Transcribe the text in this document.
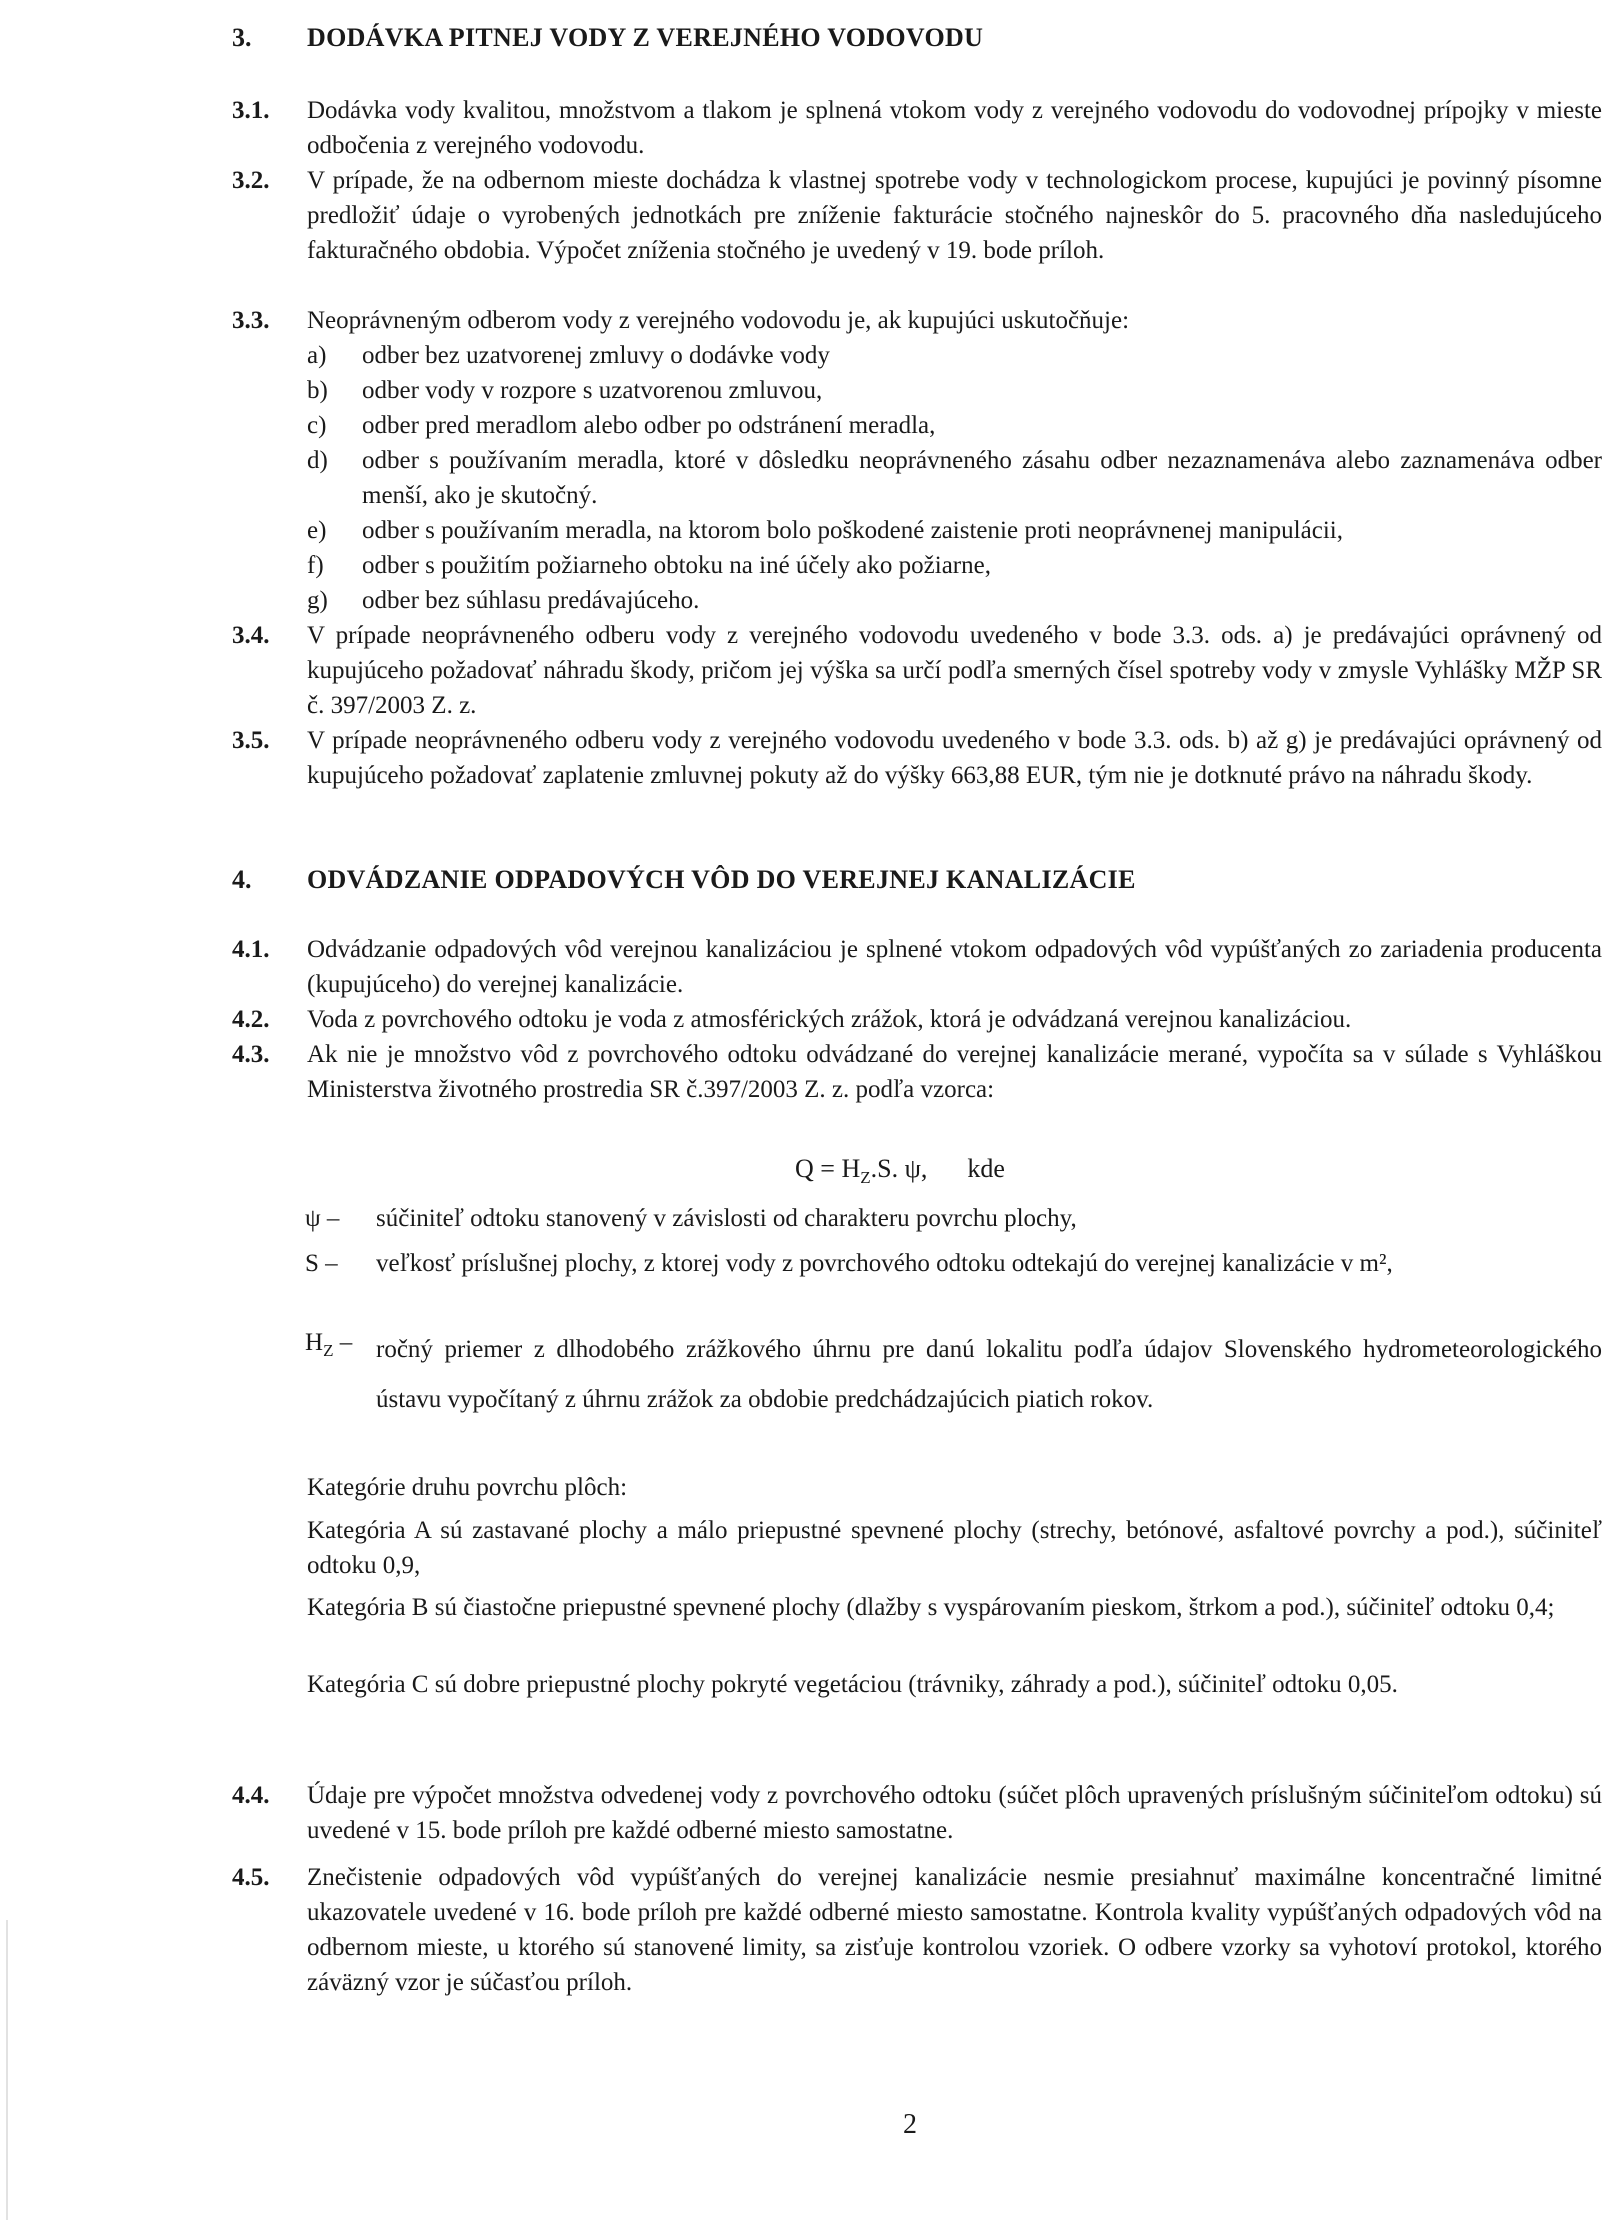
3. DODÁVKA PITNEJ VODY Z VEREJNÉHO VODOVODU
3.1. Dodávka vody kvalitou, množstvom a tlakom je splnená vtokom vody z verejného vodovodu do vodovodnej prípojky v mieste odbočenia z verejného vodovodu.
3.2. V prípade, že na odbernom mieste dochádza k vlastnej spotrebe vody v technologickom procese, kupujúci je povinný písomne predložiť údaje o vyrobených jednotkách pre zníženie fakturácie stočného najneskôr do 5. pracovného dňa nasledujúceho fakturačného obdobia. Výpočet zníženia stočného je uvedený v 19. bode príloh.
3.3. Neoprávneným odberom vody z verejného vodovodu je, ak kupujúci uskutočňuje:
a)	odber bez uzatvorenej zmluvy o dodávke vody
b)	odber vody v rozpore s uzatvorenou zmluvou,
c)	odber pred meradlom alebo odber po odstránení meradla,
d)	odber s používaním meradla, ktoré v dôsledku neoprávneného zásahu odber nezaznamenáva alebo zaznamenáva odber menší, ako je skutočný.
e)	odber s používaním meradla, na ktorom bolo poškodené zaistenie proti neoprávnenej manipulácii,
f)	odber s použitím požiarneho obtoku na iné účely ako požiarne,
g)	odber bez súhlasu predávajúceho.
3.4. V prípade neoprávneného odberu vody z verejného vodovodu uvedeného v bode 3.3. ods. a) je predávajúci oprávnený od kupujúceho požadovať náhradu škody, pričom jej výška sa určí podľa smerných čísel spotreby vody v zmysle Vyhlášky MŽP SR č. 397/2003 Z. z.
3.5. V prípade neoprávneného odberu vody z verejného vodovodu uvedeného v bode 3.3. ods. b) až g) je predávajúci oprávnený od kupujúceho požadovať zaplatenie zmluvnej pokuty až do výšky 663,88 EUR, tým nie je dotknuté právo na náhradu škody.
4. ODVÁDZANIE ODPADOVÝCH VÔD DO VEREJNEJ KANALIZÁCIE
4.1. Odvádzanie odpadových vôd verejnou kanalizáciou je splnené vtokom odpadových vôd vypúšťaných zo zariadenia producenta (kupujúceho) do verejnej kanalizácie.
4.2. Voda z povrchového odtoku je voda z atmosférických zrážok, ktorá je odvádzaná verejnou kanalizáciou.
4.3. Ak nie je množstvo vôd z povrchového odtoku odvádzané do verejnej kanalizácie merané, vypočíta sa v súlade s Vyhláškou Ministerstva životného prostredia SR č.397/2003 Z. z. podľa vzorca:
$Q = H_Z.S$. ψ, kde
ψ –	súčiniteľ odtoku stanovený v závislosti od charakteru povrchu plochy,
S –	veľkosť príslušnej plochy, z ktorej vody z povrchového odtoku odtekajú do verejnej kanalizácie v m²,
$H_Z$ – ročný priemer z dlhodobého zrážkového úhrnu pre danú lokalitu podľa údajov Slovenského hydrometeorologického ústavu vypočítaný z úhrnu zrážok za obdobie predchádzajúcich piatich rokov.
Kategórie druhu povrchu plôch:
Kategória A sú zastavané plochy a málo priepustné spevnené plochy (strechy, betónové, asfaltové povrchy a pod.), súčiniteľ odtoku 0,9,
Kategória B sú čiastočne priepustné spevnené plochy (dlažby s vyspárovaním pieskom, štrkom a pod.), súčiniteľ odtoku 0,4;
Kategória C sú dobre priepustné plochy pokryté vegetáciou (trávniky, záhrady a pod.), súčiniteľ odtoku 0,05.
4.4. Údaje pre výpočet množstva odvedenej vody z povrchového odtoku (súčet plôch upravených príslušným súčiniteľom odtoku) sú uvedené v 15. bode príloh pre každé odberné miesto samostatne.
4.5. Znečistenie odpadových vôd vypúšťaných do verejnej kanalizácie nesmie presiahnuť maximálne koncentračné limitné ukazovatele uvedené v 16. bode príloh pre každé odberné miesto samostatne. Kontrola kvality vypúšťaných odpadových vôd na odbernom mieste, u ktorého sú stanovené limity, sa zisťuje kontrolou vzoriek. O odbere vzorky sa vyhotoví protokol, ktorého záväzný vzor je súčasťou príloh.
2
